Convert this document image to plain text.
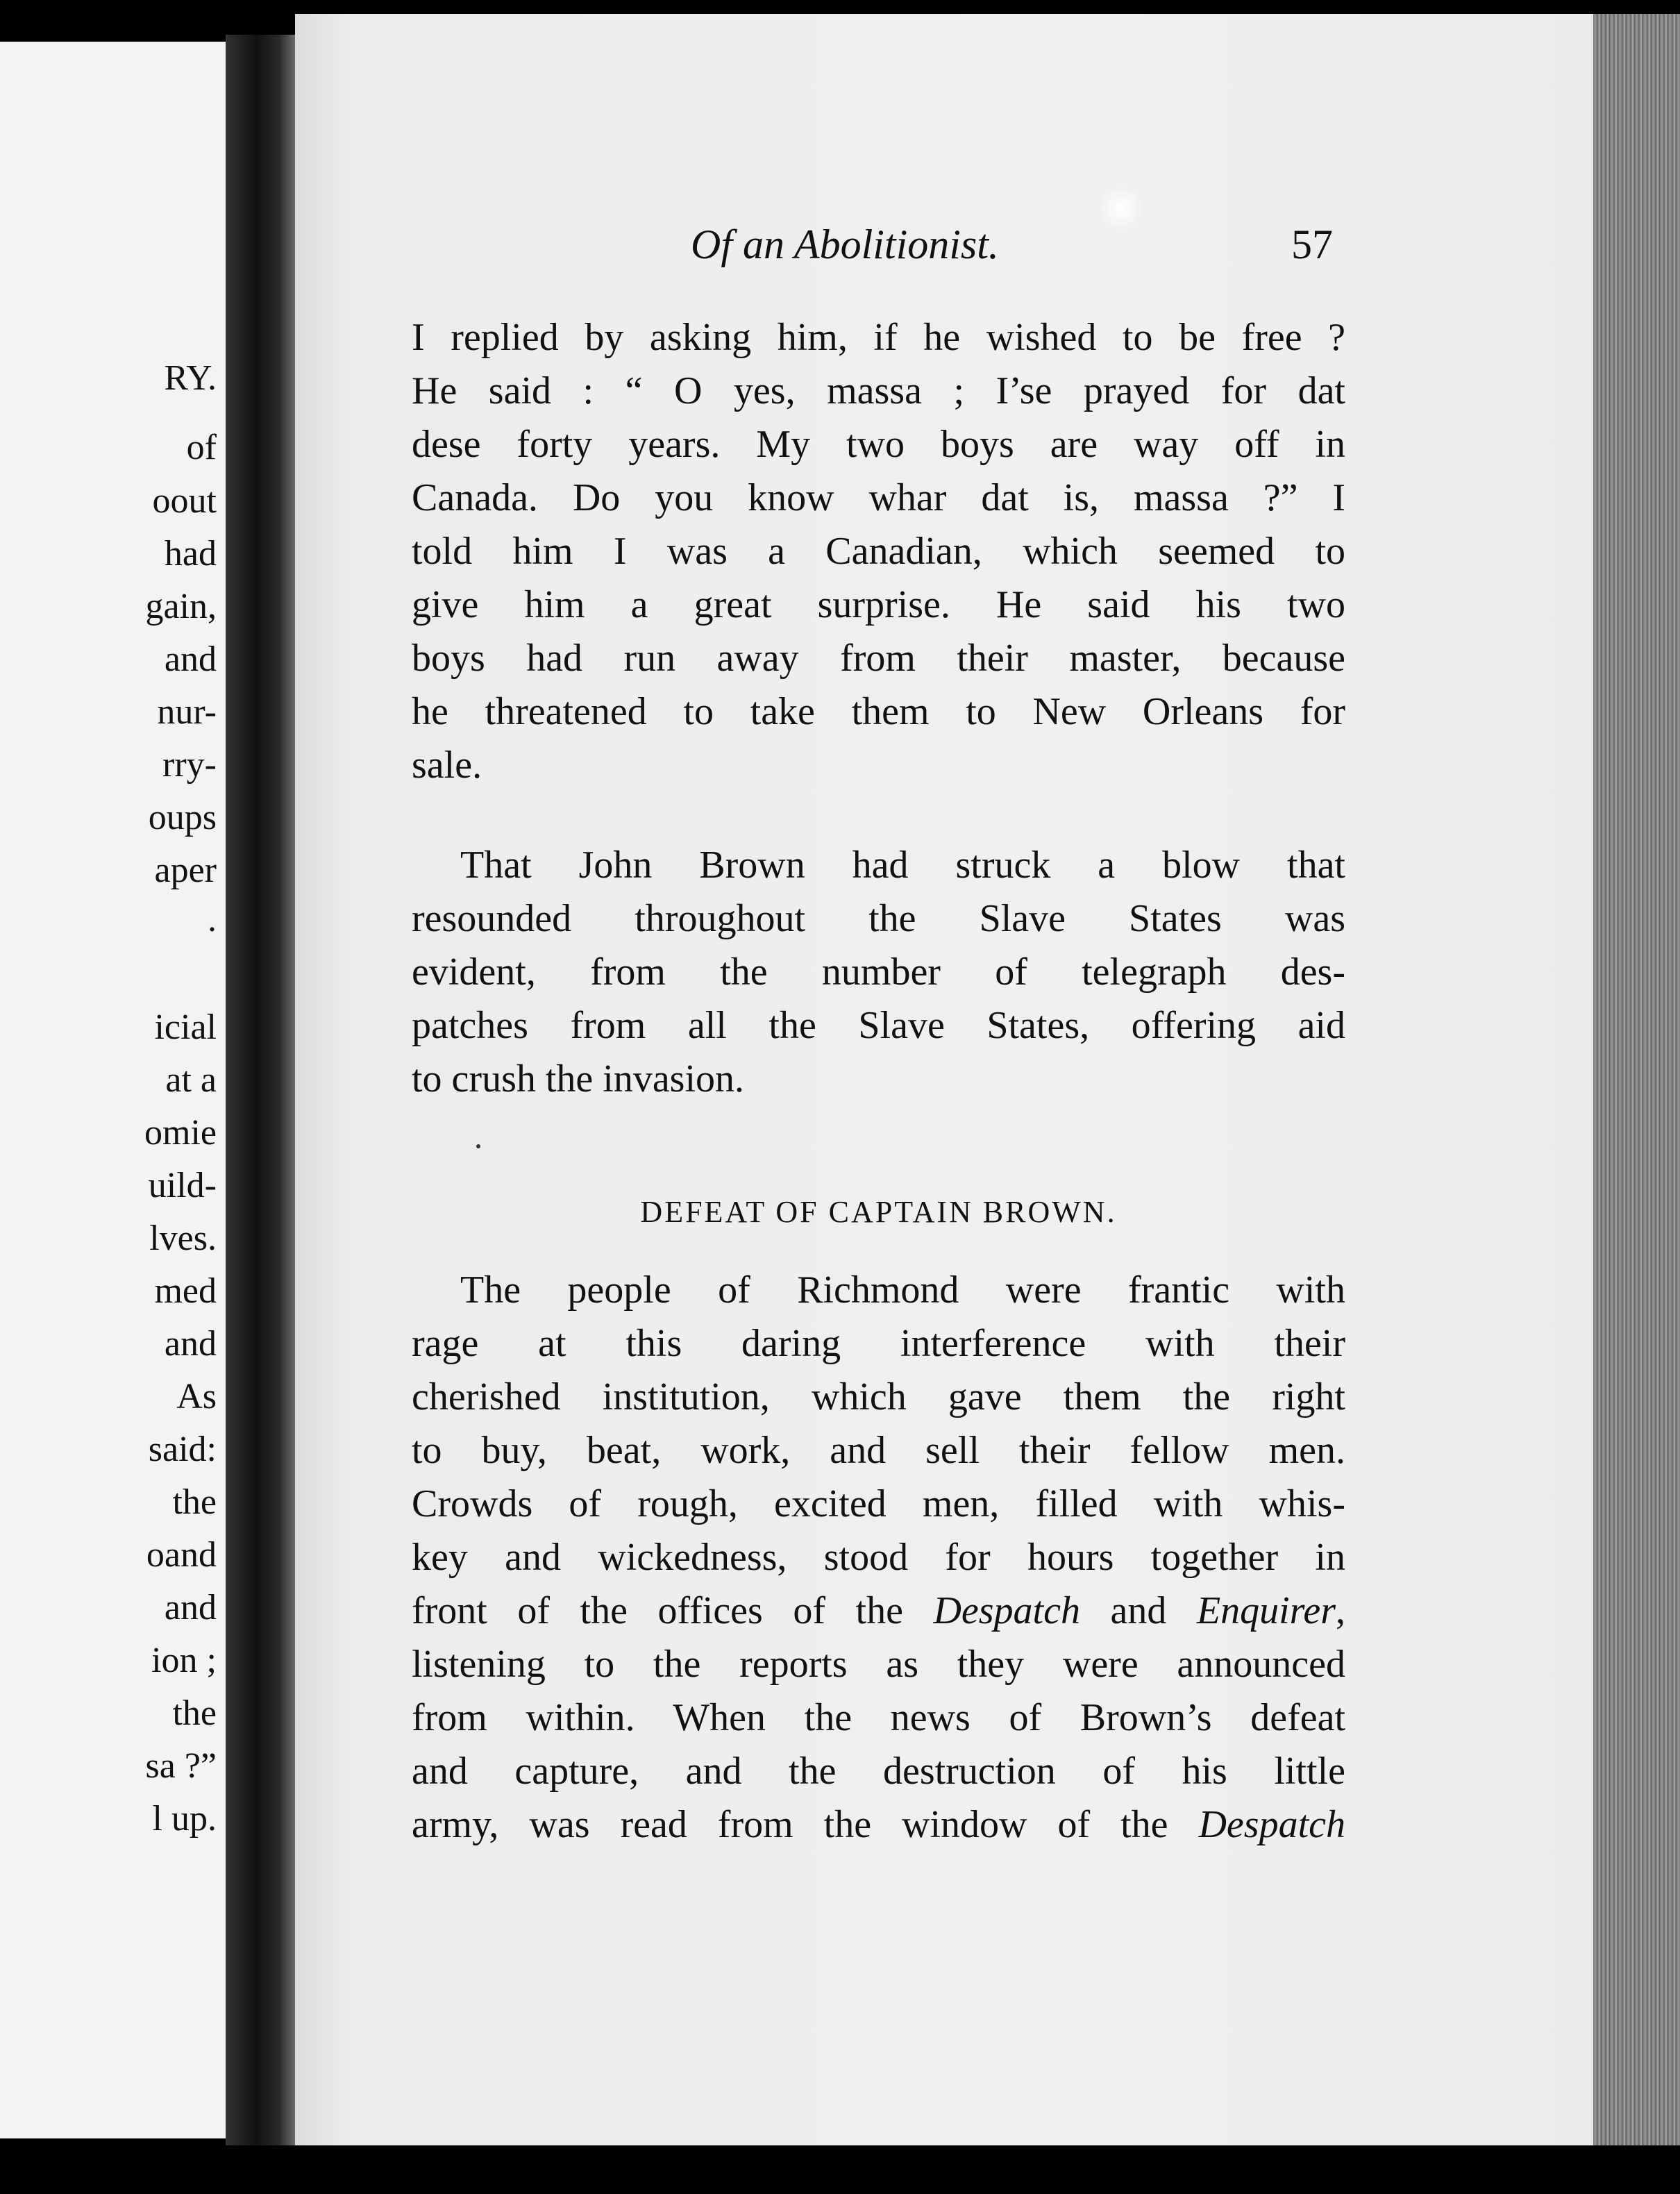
RY.
of
oout
had
gain,
and
nur-
rry-
oups
aper
.
icial
at a
omie
uild-
lves.
med
and
As
said:
the
oand
and
ion ;
the
sa ?”
l up.
Of an Abolitionist.	57
I replied by asking him, if he wished to be free ?
He said : “ O yes, massa ; I’se prayed for dat
dese forty years. My two boys are way off in
Canada. Do you know whar dat is, massa ?” I
told him I was a Canadian, which seemed to
give him a great surprise. He said his two
boys had run away from their master, because
he threatened to take them to New Orleans for
sale.
That John Brown had struck a blow that
resounded throughout the Slave States was
evident, from the number of telegraph des-
patches from all the Slave States, offering aid
to crush the invasion.
DEFEAT OF CAPTAIN BROWN.
The people of Richmond were frantic with
rage at this daring interference with their
cherished institution, which gave them the right
to buy, beat, work, and sell their fellow men.
Crowds of rough, excited men, filled with whis-
key and wickedness, stood for hours together in
front of the offices of the Despatch and Enquirer,
listening to the reports as they were announced
from within. When the news of Brown’s defeat
and capture, and the destruction of his little
army, was read from the window of the Despatch
